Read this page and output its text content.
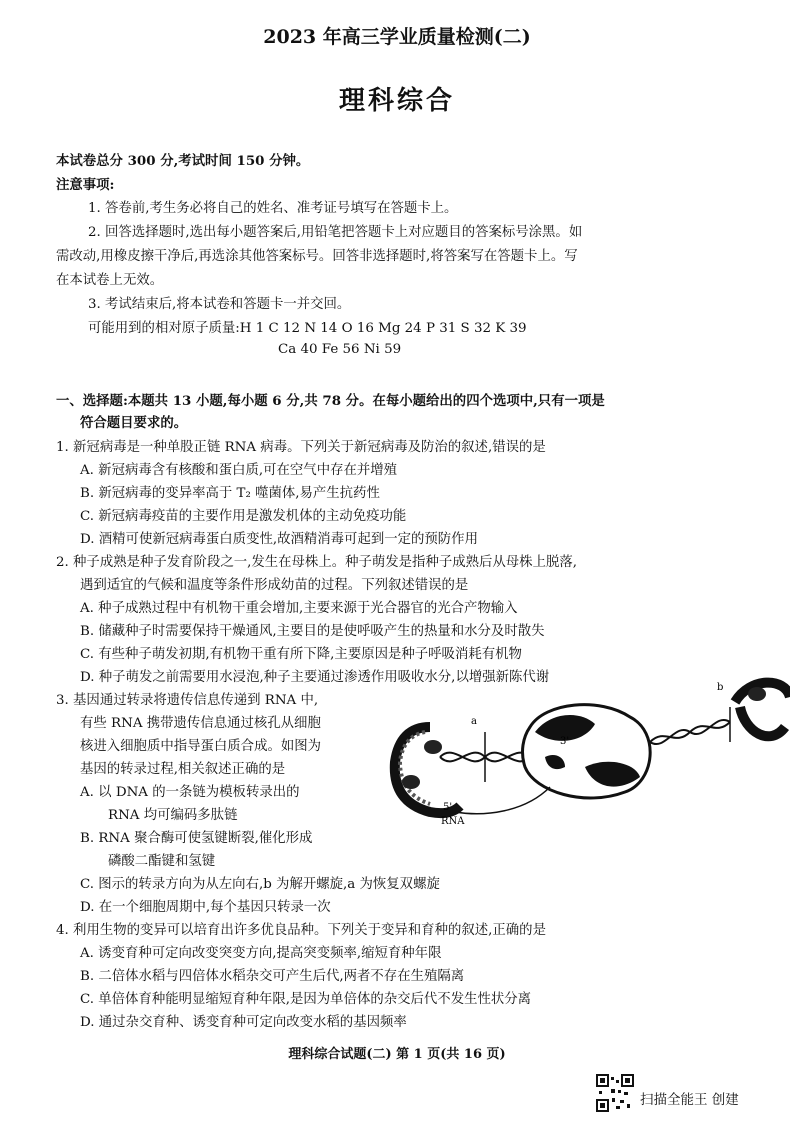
2023 年高三学业质量检测(二)
理科综合
本试卷总分 300 分,考试时间 150 分钟。
注意事项:
1. 答卷前,考生务必将自己的姓名、准考证号填写在答题卡上。
2. 回答选择题时,选出每小题答案后,用铅笔把答题卡上对应题目的答案标号涂黑。如
需改动,用橡皮擦干净后,再选涂其他答案标号。回答非选择题时,将答案写在答题卡上。写
在本试卷上无效。
3. 考试结束后,将本试卷和答题卡一并交回。
可能用到的相对原子质量:H 1 C 12 N 14 O 16 Mg 24 P 31 S 32 K 39
Ca 40 Fe 56 Ni 59
一、选择题:本题共 13 小题,每小题 6 分,共 78 分。在每小题给出的四个选项中,只有一项是
符合题目要求的。
1. 新冠病毒是一种单股正链 RNA 病毒。下列关于新冠病毒及防治的叙述,错误的是
A. 新冠病毒含有核酸和蛋白质,可在空气中存在并增殖
B. 新冠病毒的变异率高于 T₂ 噬菌体,易产生抗药性
C. 新冠病毒疫苗的主要作用是激发机体的主动免疫功能
D. 酒精可使新冠病毒蛋白质变性,故酒精消毒可起到一定的预防作用
2. 种子成熟是种子发育阶段之一,发生在母株上。种子萌发是指种子成熟后从母株上脱落,
遇到适宜的气候和温度等条件形成幼苗的过程。下列叙述错误的是
A. 种子成熟过程中有机物干重会增加,主要来源于光合器官的光合产物输入
B. 储藏种子时需要保持干燥通风,主要目的是使呼吸产生的热量和水分及时散失
C. 有些种子萌发初期,有机物干重有所下降,主要原因是种子呼吸消耗有机物
D. 种子萌发之前需要用水浸泡,种子主要通过渗透作用吸收水分,以增强新陈代谢
3. 基因通过转录将遗传信息传递到 RNA 中,
有些 RNA 携带遗传信息通过核孔从细胞
核进入细胞质中指导蛋白质合成。如图为
基因的转录过程,相关叙述正确的是
A. 以 DNA 的一条链为模板转录出的
RNA 均可编码多肽链
B. RNA 聚合酶可使氢键断裂,催化形成
磷酸二酯键和氢键
C. 图示的转录方向为从左向右,b 为解开螺旋,a 为恢复双螺旋
D. 在一个细胞周期中,每个基因只转录一次
a
3'
b
5'
RNA
4. 利用生物的变异可以培育出许多优良品种。下列关于变异和育种的叙述,正确的是
A. 诱变育种可定向改变突变方向,提高突变频率,缩短育种年限
B. 二倍体水稻与四倍体水稻杂交可产生后代,两者不存在生殖隔离
C. 单倍体育种能明显缩短育种年限,是因为单倍体的杂交后代不发生性状分离
D. 通过杂交育种、诱变育种可定向改变水稻的基因频率
理科综合试题(二) 第 1 页(共 16 页)
扫描全能王 创建
